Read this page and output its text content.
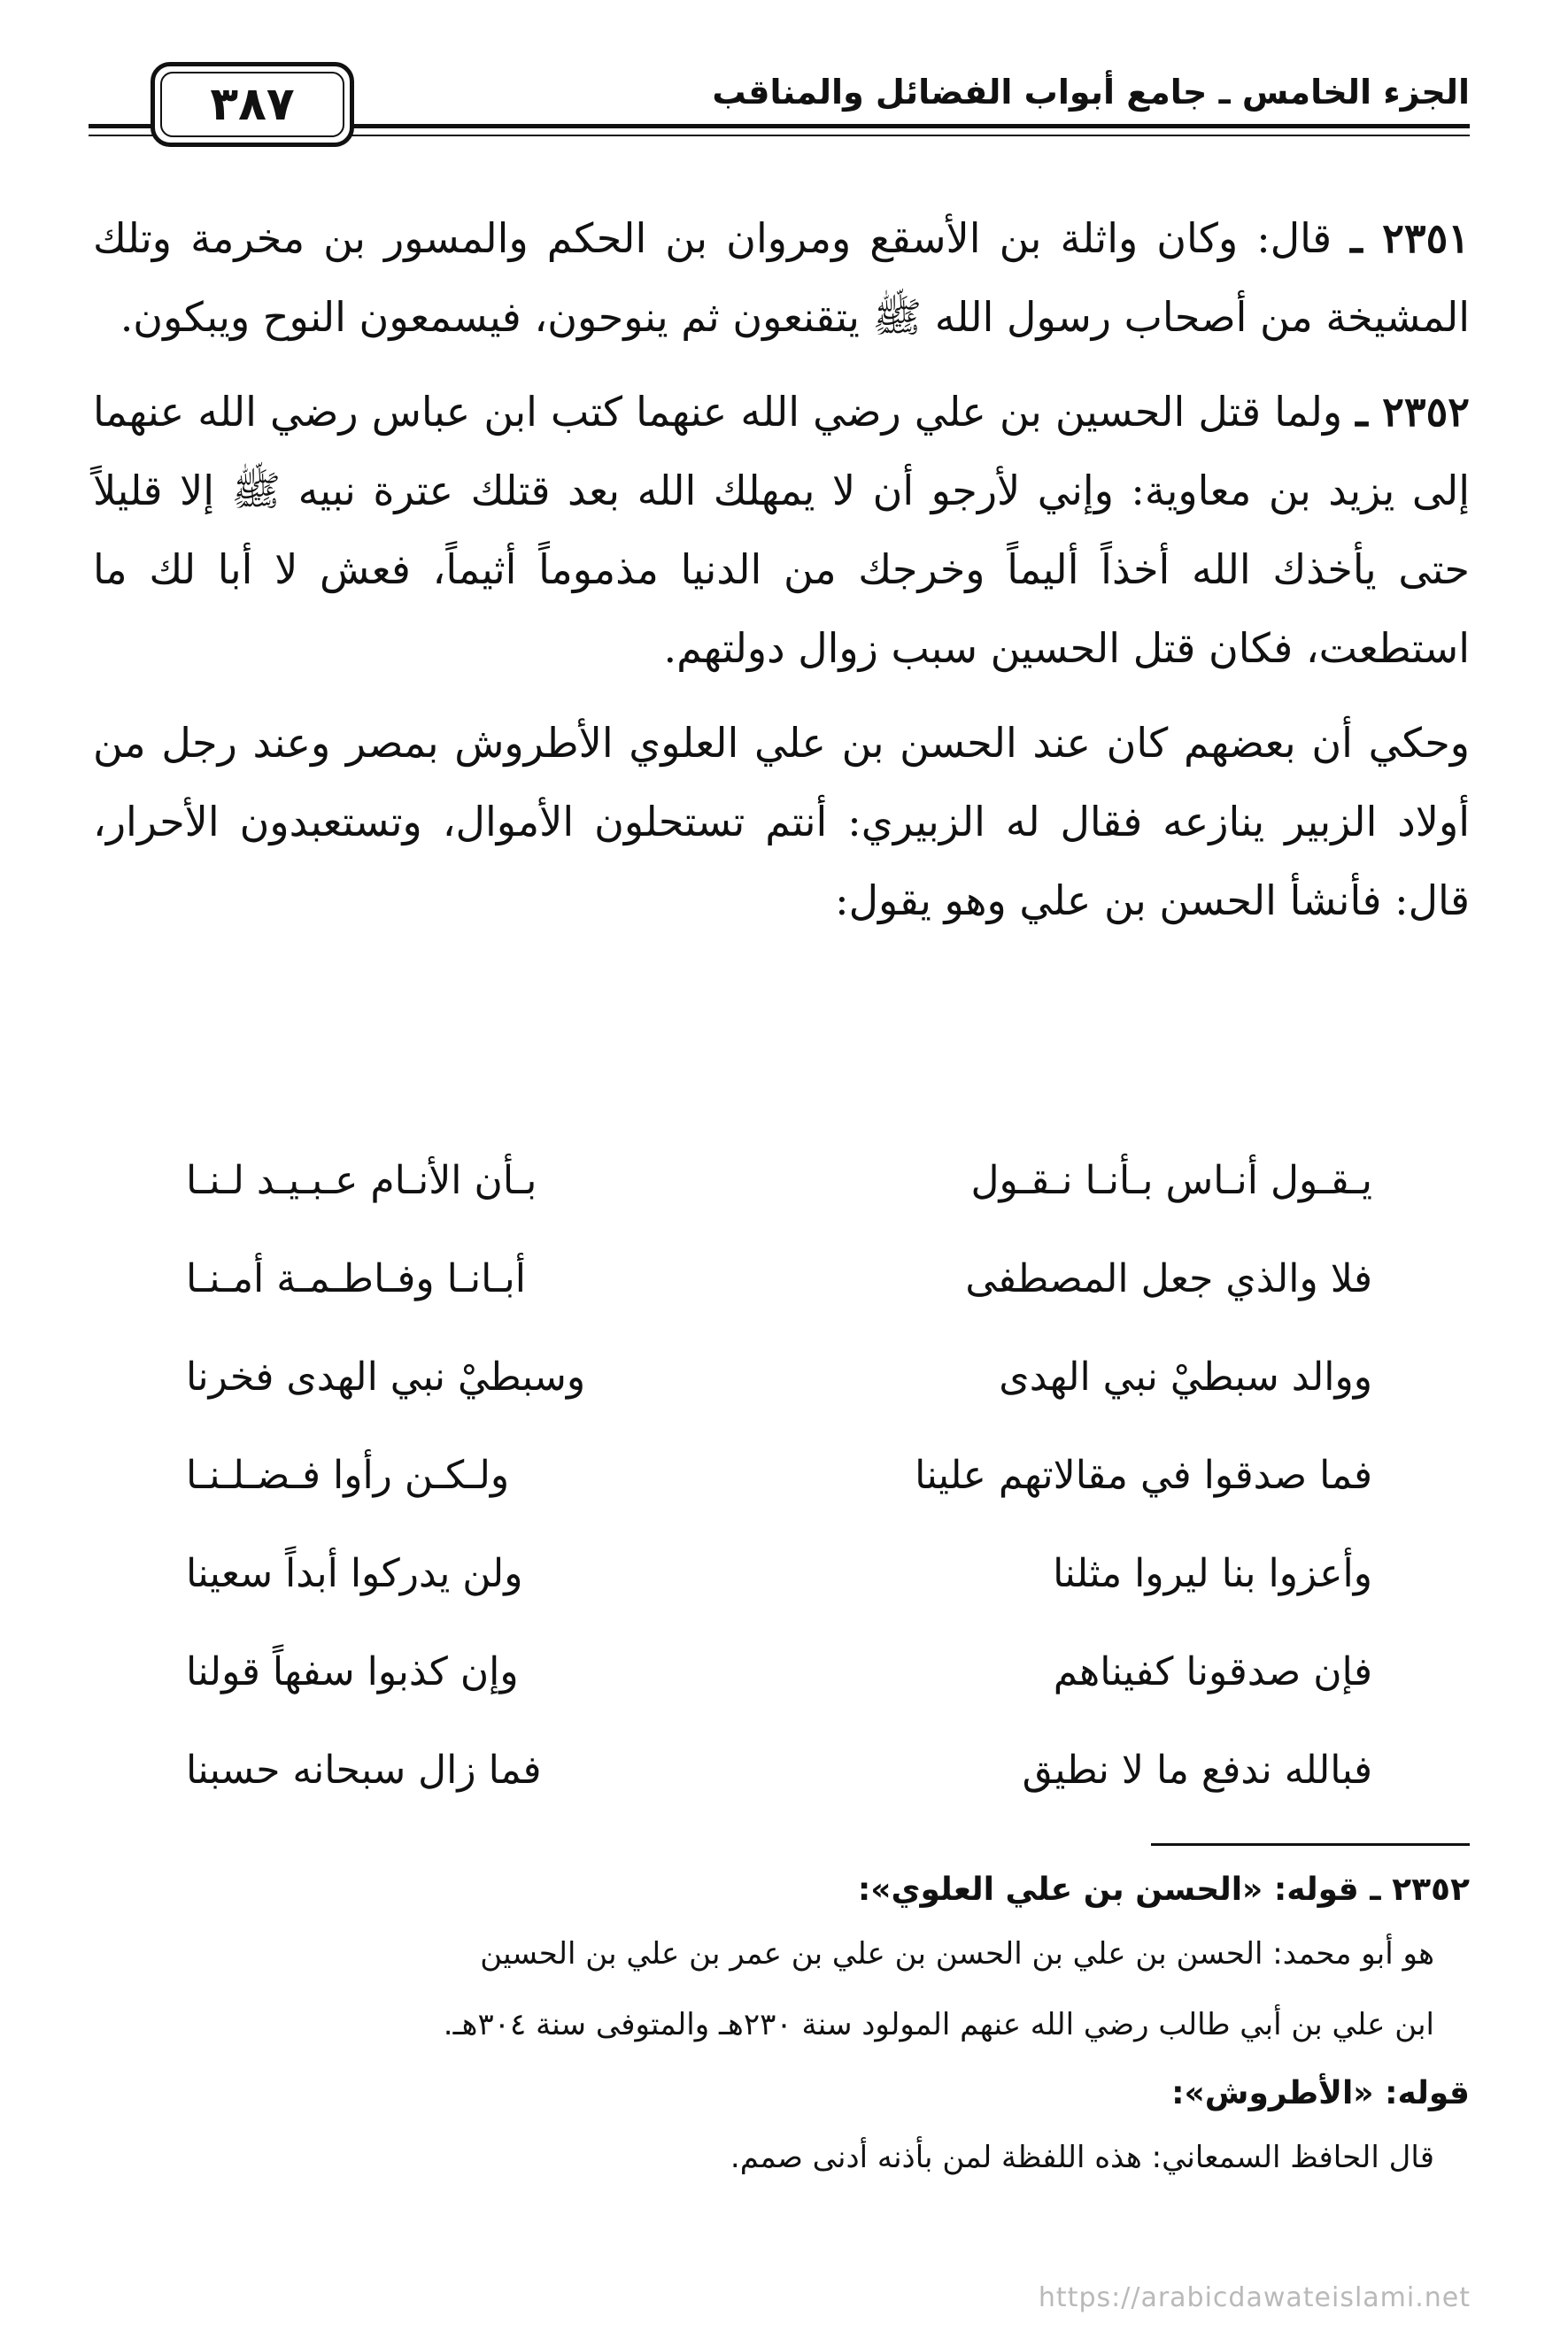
الجزء الخامس ـ جامع أبواب الفضائل والمناقب
٣٨٧

٢٣٥١ ـ قال: وكان واثلة بن الأسقع ومروان بن الحكم والمسور بن مخرمة وتلك المشيخة من أصحاب رسول الله ﷺ يتقنعون ثم ينوحون، فيسمعون النوح ويبكون.

٢٣٥٢ ـ ولما قتل الحسين بن علي رضي الله عنهما كتب ابن عباس رضي الله عنهما إلى يزيد بن معاوية: وإني لأرجو أن لا يمهلك الله بعد قتلك عترة نبيه ﷺ إلا قليلاً حتى يأخذك الله أخذاً أليماً وخرجك من الدنيا مذموماً أثيماً، فعش لا أبا لك ما استطعت، فكان قتل الحسين سبب زوال دولتهم.

وحكي أن بعضهم كان عند الحسن بن علي العلوي الأطروش بمصر وعند رجل من أولاد الزبير ينازعه فقال له الزبيري: أنتم تستحلون الأموال، وتستعبدون الأحرار، قال: فأنشأ الحسن بن علي وهو يقول:

يـقـول أنـاس بـأنـا نـقـول
بـأن الأنـام عـبـيـد لـنـا
فلا والذي جعل المصطفى
أبـانـا وفـاطـمـة أمـنـا
ووالد سبطيْ نبي الهدى
وسبطيْ نبي الهدى فخرنا
فما صدقوا في مقالاتهم علينا
ولـكـن رأوا فـضـلـنـا
وأعزوا بنا ليروا مثلنا
ولن يدركوا أبداً سعينا
فإن صدقونا كفيناهم
وإن كذبوا سفهاً قولنا
فبالله ندفع ما لا نطيق
فما زال سبحانه حسبنا

٢٣٥٢ ـ قوله: «الحسن بن علي العلوي»:

هو أبو محمد: الحسن بن علي بن الحسن بن علي بن عمر بن علي بن الحسين

ابن علي بن أبي طالب رضي الله عنهم المولود سنة ٢٣٠هـ والمتوفى سنة ٣٠٤هـ.

قوله: «الأطروش»:

قال الحافظ السمعاني: هذه اللفظة لمن بأذنه أدنى صمم.

https://arabicdawateislami.net
